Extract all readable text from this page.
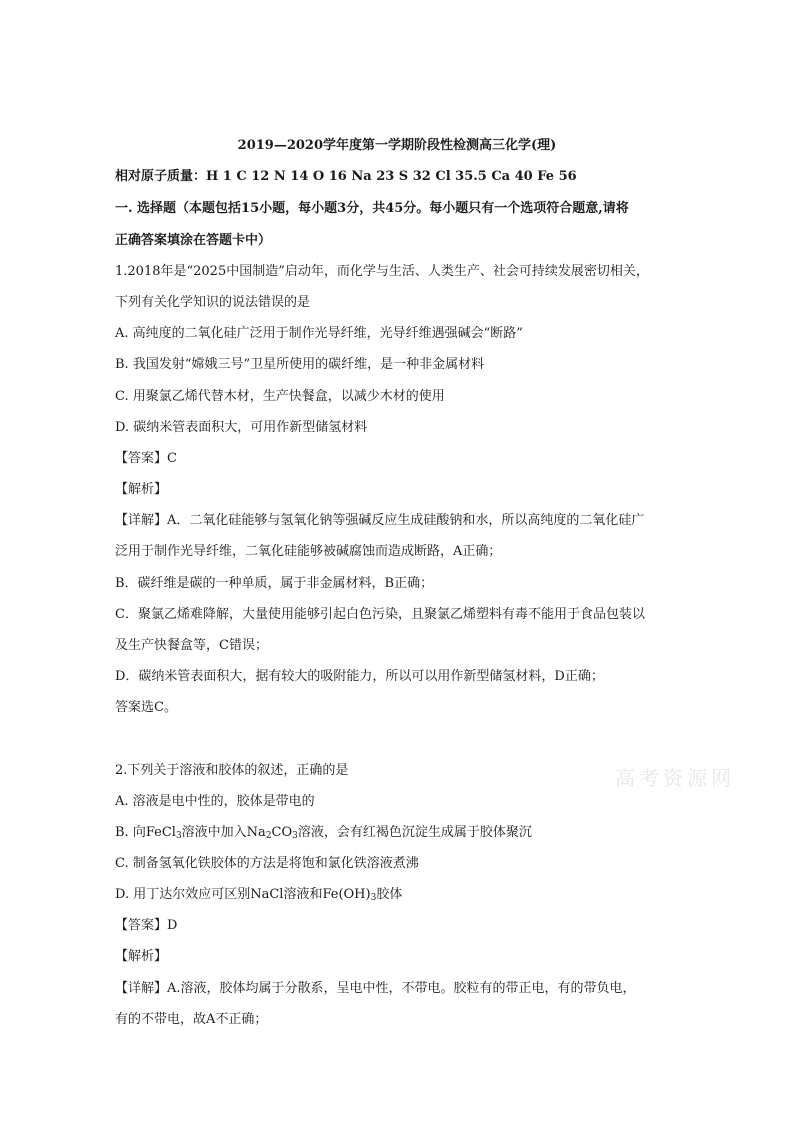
2019—2020学年度第一学期阶段性检测高三化学(理)
相对原子质量：H 1 C 12 N 14 O 16 Na 23 S 32 Cl 35.5 Ca 40 Fe 56
一. 选择题（本题包括15小题，每小题3分，共45分。每小题只有一个选项符合题意,请将
正确答案填涂在答题卡中）
1.2018年是“2025中国制造”启动年，而化学与生活、人类生产、社会可持续发展密切相关，
下列有关化学知识的说法错误的是
A. 高纯度的二氧化硅广泛用于制作光导纤维，光导纤维遇强碱会“断路”
B. 我国发射“嫦娥三号”卫星所使用的碳纤维，是一种非金属材料
C. 用聚氯乙烯代替木材，生产快餐盒，以减少木材的使用
D. 碳纳米管表面积大，可用作新型储氢材料
【答案】C
【解析】
【详解】A．二氧化硅能够与氢氧化钠等强碱反应生成硅酸钠和水，所以高纯度的二氧化硅广
泛用于制作光导纤维，二氧化硅能够被碱腐蚀而造成断路，A正确；
B．碳纤维是碳的一种单质，属于非金属材料，B正确；
C．聚氯乙烯难降解，大量使用能够引起白色污染，且聚氯乙烯塑料有毒不能用于食品包装以
及生产快餐盒等，C错误；
D．碳纳米管表面积大，据有较大的吸附能力，所以可以用作新型储氢材料，D正确；
答案选C。
2.下列关于溶液和胶体的叙述，正确的是
A. 溶液是电中性的，胶体是带电的
B. 向FeCl$_3$溶液中加入$Na_2CO_3$溶液，会有红褐色沉淀生成属于胶体聚沉
C. 制备氢氧化铁胶体的方法是将饱和氯化铁溶液煮沸
D. 用丁达尔效应可区别NaCl溶液和$Fe(OH)_3$胶体
【答案】D
【解析】
【详解】A.溶液，胶体均属于分散系，呈电中性，不带电。胶粒有的带正电，有的带负电，
有的不带电，故A不正确；
高考资源网
